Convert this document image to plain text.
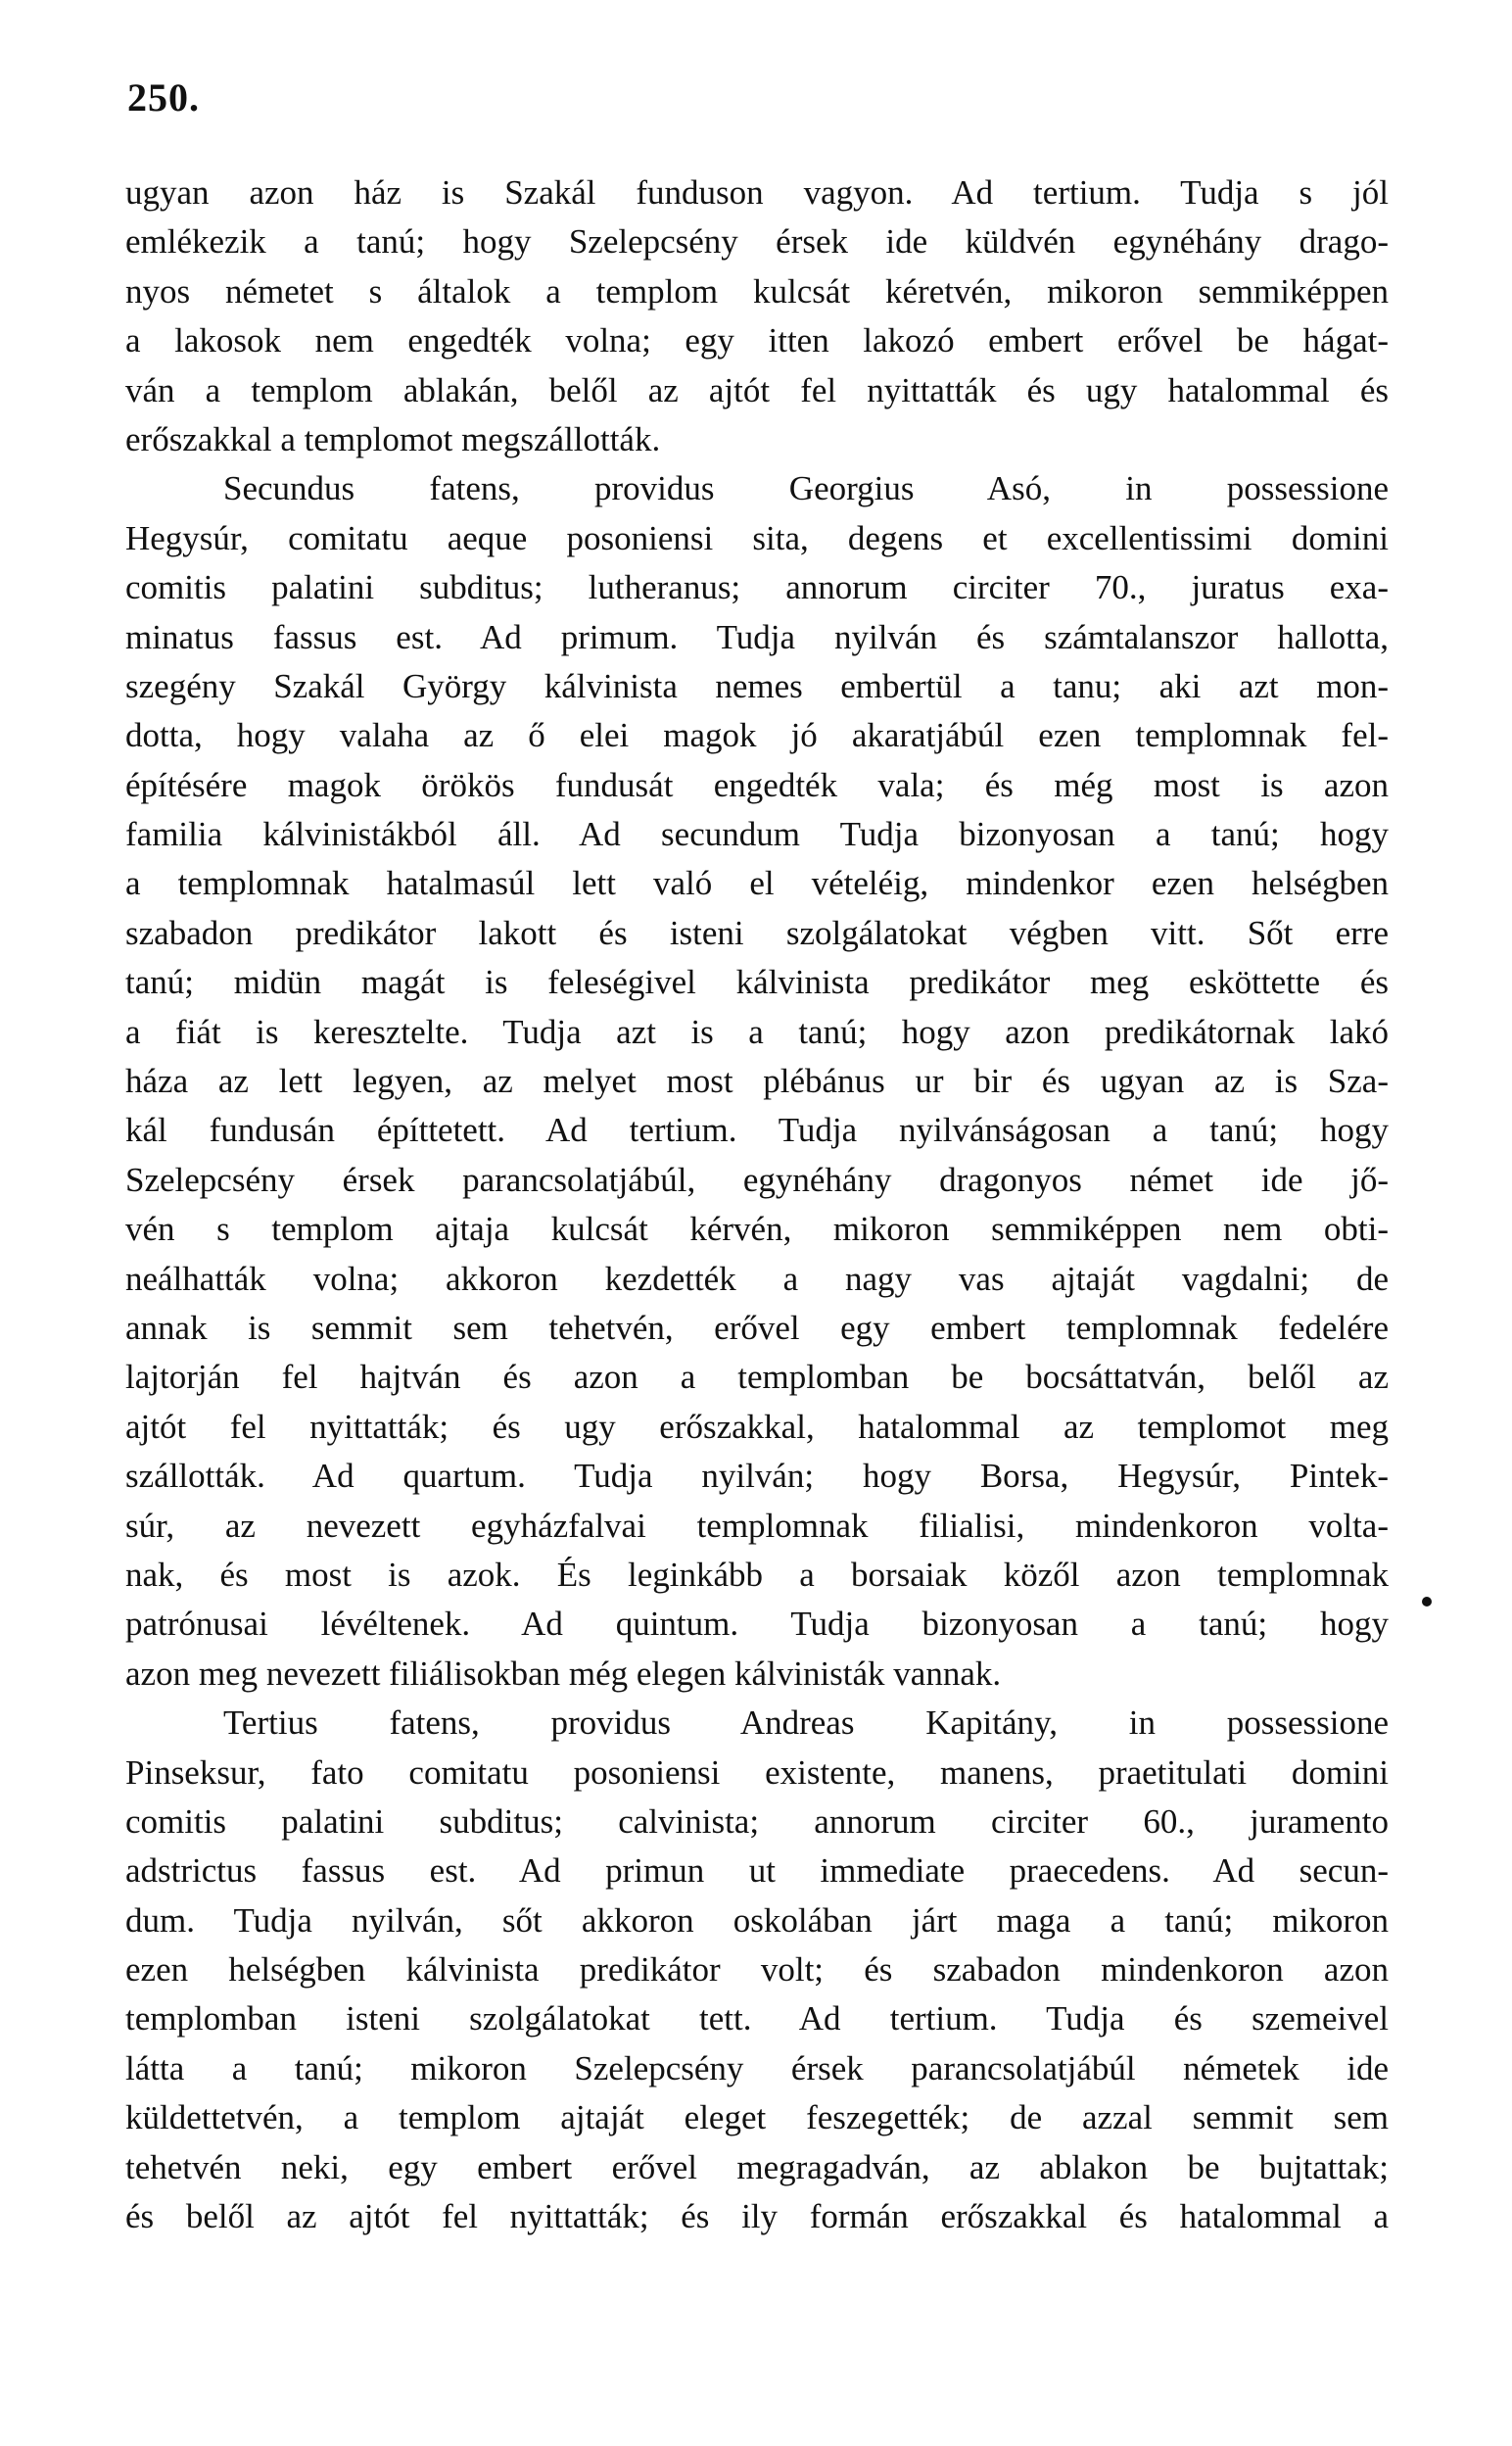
250.
ugyan azon ház is Szakál funduson vagyon. Ad tertium. Tudja s jól
emlékezik a tanú; hogy Szelepcsény érsek ide küldvén egynéhány drago-
nyos németet s általok a templom kulcsát kéretvén, mikoron semmiképpen
a lakosok nem engedték volna; egy itten lakozó embert erővel be hágat-
ván a templom ablakán, belől az ajtót fel nyittatták és ugy hatalommal és
erőszakkal a templomot megszállották.
Secundus fatens, providus Georgius Asó, in possessione
Hegysúr, comitatu aeque posoniensi sita, degens et excellentissimi domini
comitis palatini subditus; lutheranus; annorum circiter 70., juratus exa-
minatus fassus est. Ad primum. Tudja nyilván és számtalanszor hallotta,
szegény Szakál György kálvinista nemes embertül a tanu; aki azt mon-
dotta, hogy valaha az ő elei magok jó akaratjábúl ezen templomnak fel-
építésére magok örökös fundusát engedték vala; és még most is azon
familia kálvinistákból áll. Ad secundum Tudja bizonyosan a tanú; hogy
a templomnak hatalmasúl lett való el vételéig, mindenkor ezen helségben
szabadon predikátor lakott és isteni szolgálatokat végben vitt. Sőt erre
tanú; midün magát is feleségivel kálvinista predikátor meg esköttette és
a fiát is keresztelte. Tudja azt is a tanú; hogy azon predikátornak lakó
háza az lett legyen, az melyet most plébánus ur bir és ugyan az is Sza-
kál fundusán építtetett. Ad tertium. Tudja nyilvánságosan a tanú; hogy
Szelepcsény érsek parancsolatjábúl, egynéhány dragonyos német ide jő-
vén s templom ajtaja kulcsát kérvén, mikoron semmiképpen nem obti-
neálhatták volna; akkoron kezdették a nagy vas ajtaját vagdalni; de
annak is semmit sem tehetvén, erővel egy embert templomnak fedelére
lajtorján fel hajtván és azon a templomban be bocsáttatván, belől az
ajtót fel nyittatták; és ugy erőszakkal, hatalommal az templomot meg
szállották. Ad quartum. Tudja nyilván; hogy Borsa, Hegysúr, Pintek-
súr, az nevezett egyházfalvai templomnak filialisi, mindenkoron volta-
nak, és most is azok. És leginkább a borsaiak közől azon templomnak
patrónusai lévéltenek. Ad quintum. Tudja bizonyosan a tanú; hogy
azon meg nevezett filiálisokban még elegen kálvinisták vannak.
Tertius fatens, providus Andreas Kapitány, in possessione
Pinseksur, fato comitatu posoniensi existente, manens, praetitulati domini
comitis palatini subditus; calvinista; annorum circiter 60., juramento
adstrictus fassus est. Ad primun ut immediate praecedens. Ad secun-
dum. Tudja nyilván, sőt akkoron oskolában járt maga a tanú; mikoron
ezen helségben kálvinista predikátor volt; és szabadon mindenkoron azon
templomban isteni szolgálatokat tett. Ad tertium. Tudja és szemeivel
látta a tanú; mikoron Szelepcsény érsek parancsolatjábúl németek ide
küldettetvén, a templom ajtaját eleget feszegették; de azzal semmit sem
tehetvén neki, egy embert erővel megragadván, az ablakon be bujtattak;
és belől az ajtót fel nyittatták; és ily formán erőszakkal és hatalommal a
